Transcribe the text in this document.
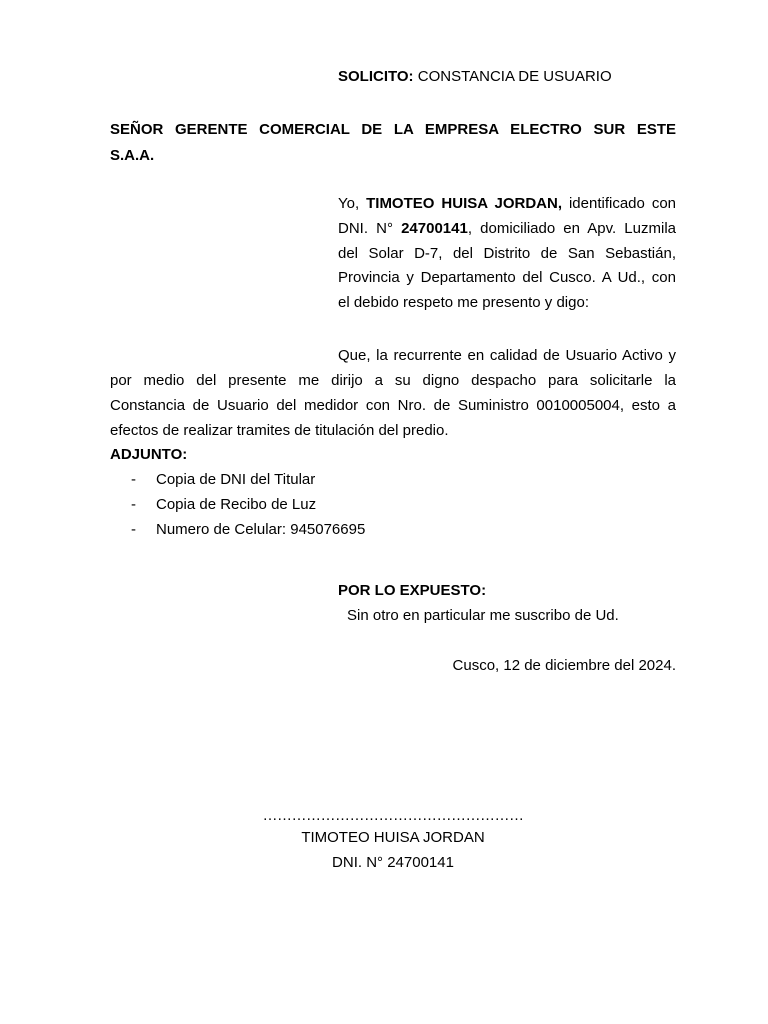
SOLICITO: CONSTANCIA DE USUARIO
SEÑOR GERENTE COMERCIAL DE LA EMPRESA ELECTRO SUR ESTE
S.A.A.
Yo, TIMOTEO HUISA JORDAN, identificado con
DNI. N° 24700141, domiciliado en Apv. Luzmila
del Solar D-7, del Distrito de San Sebastián,
Provincia y Departamento del Cusco. A Ud., con
el debido respeto me presento y digo:
Que, la recurrente en calidad de Usuario Activo y
por medio del presente me dirijo a su digno despacho para solicitarle la
Constancia de Usuario del medidor con Nro. de Suministro 0010005004, esto a
efectos de realizar tramites de titulación del predio.
ADJUNTO:
- Copia de DNI del Titular
- Copia de Recibo de Luz
- Numero de Celular: 945076695
POR LO EXPUESTO:
Sin otro en particular me suscribo de Ud.
Cusco, 12 de diciembre del 2024.
………………………………………………
TIMOTEO HUISA JORDAN
DNI. N° 24700141
